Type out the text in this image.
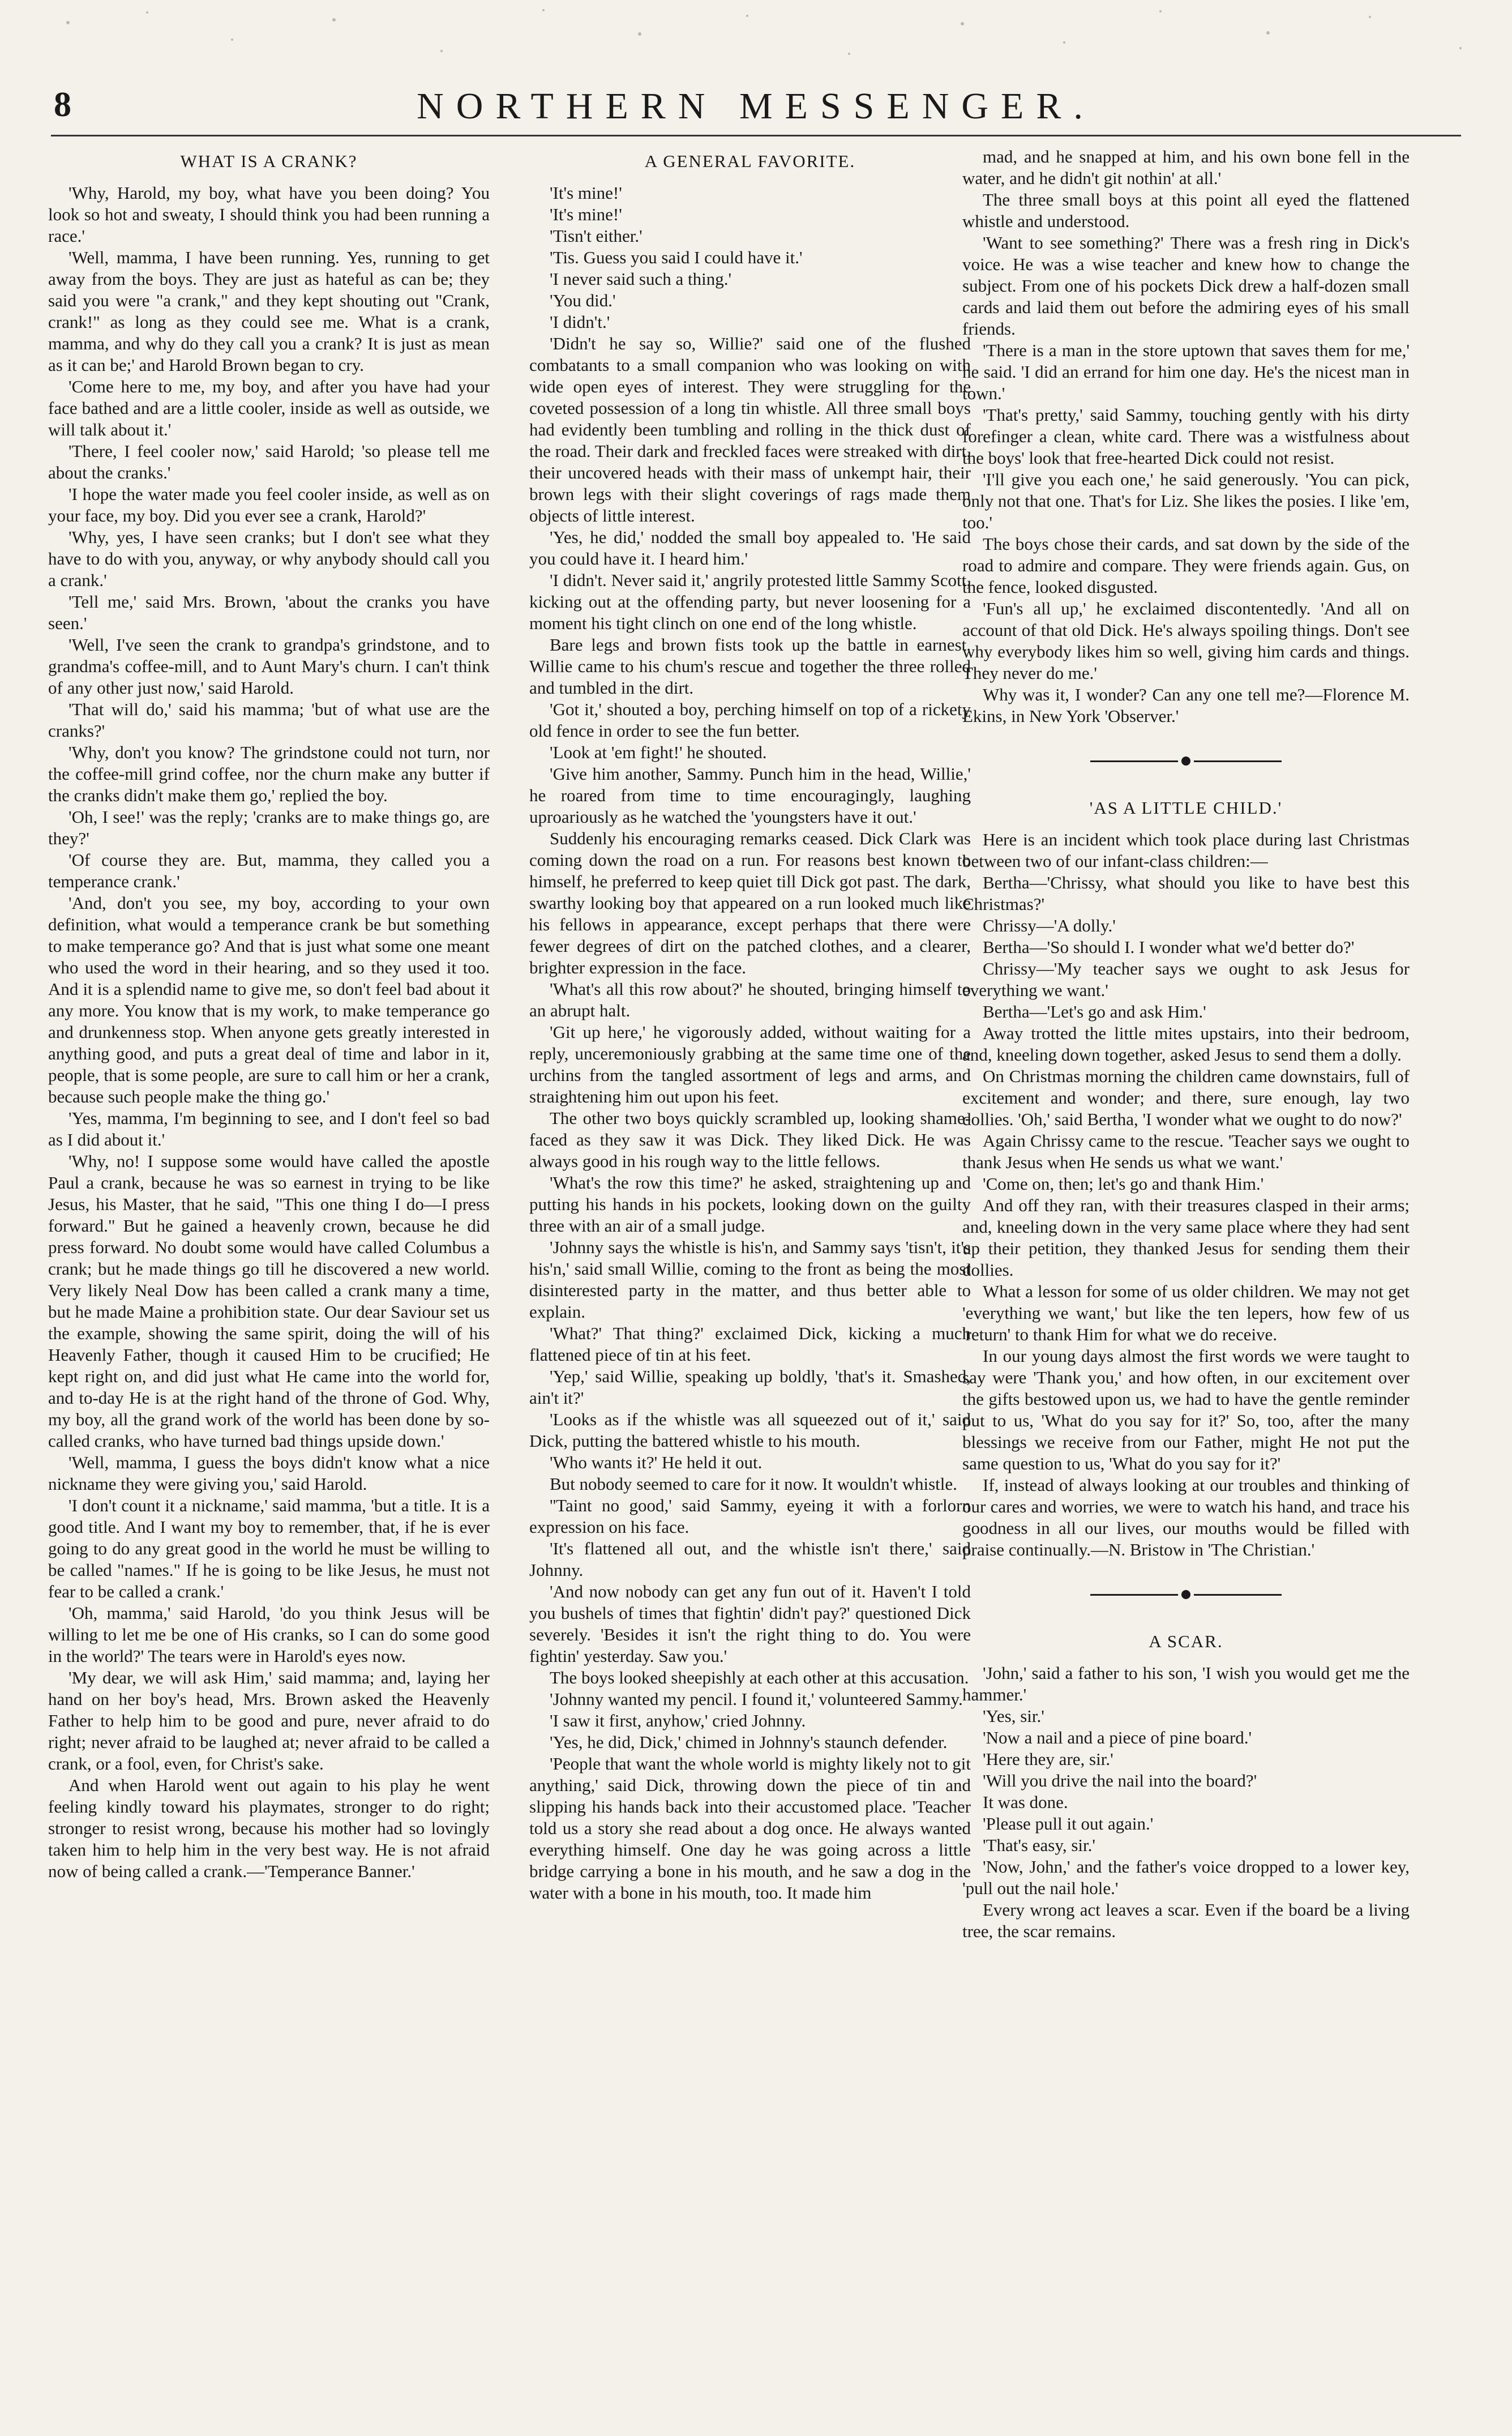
8	NORTHERN MESSENGER.
WHAT IS A CRANK?

'Why, Harold, my boy, what have you been doing? You look so hot and sweaty, I should think you had been running a race.'

'Well, mamma, I have been running. Yes, running to get away from the boys. They are just as hateful as can be; they said you were "a crank," and they kept shouting out "Crank, crank!" as long as they could see me. What is a crank, mamma, and why do they call you a crank? It is just as mean as it can be;' and Harold Brown began to cry.

'Come here to me, my boy, and after you have had your face bathed and are a little cooler, inside as well as outside, we will talk about it.'

'There, I feel cooler now,' said Harold; 'so please tell me about the cranks.'

'I hope the water made you feel cooler inside, as well as on your face, my boy. Did you ever see a crank, Harold?'

'Why, yes, I have seen cranks; but I don't see what they have to do with you, anyway, or why anybody should call you a crank.'

'Tell me,' said Mrs. Brown, 'about the cranks you have seen.'

'Well, I've seen the crank to grandpa's grindstone, and to grandma's coffee-mill, and to Aunt Mary's churn. I can't think of any other just now,' said Harold.

'That will do,' said his mamma; 'but of what use are the cranks?'

'Why, don't you know? The grindstone could not turn, nor the coffee-mill grind coffee, nor the churn make any butter if the cranks didn't make them go,' replied the boy.

'Oh, I see!' was the reply; 'cranks are to make things go, are they?'

'Of course they are. But, mamma, they called you a temperance crank.'

'And, don't you see, my boy, according to your own definition, what would a temperance crank be but something to make temperance go? And that is just what some one meant who used the word in their hearing, and so they used it too. And it is a splendid name to give me, so don't feel bad about it any more. You know that is my work, to make temperance go and drunkenness stop. When anyone gets greatly interested in anything good, and puts a great deal of time and labor in it, people, that is some people, are sure to call him or her a crank, because such people make the thing go.'

'Yes, mamma, I'm beginning to see, and I don't feel so bad as I did about it.'

'Why, no! I suppose some would have called the apostle Paul a crank, because he was so earnest in trying to be like Jesus, his Master, that he said, "This one thing I do—I press forward." But he gained a heavenly crown, because he did press forward. No doubt some would have called Columbus a crank; but he made things go till he discovered a new world. Very likely Neal Dow has been called a crank many a time, but he made Maine a prohibition state. Our dear Saviour set us the example, showing the same spirit, doing the will of his Heavenly Father, though it caused Him to be crucified; He kept right on, and did just what He came into the world for, and to-day He is at the right hand of the throne of God. Why, my boy, all the grand work of the world has been done by so-called cranks, who have turned bad things upside down.'

'Well, mamma, I guess the boys didn't know what a nice nickname they were giving you,' said Harold.

'I don't count it a nickname,' said mamma, 'but a title. It is a good title. And I want my boy to remember, that, if he is ever going to do any great good in the world he must be willing to be called "names." If he is going to be like Jesus, he must not fear to be called a crank.'

'Oh, mamma,' said Harold, 'do you think Jesus will be willing to let me be one of His cranks, so I can do some good in the world?' The tears were in Harold's eyes now.

'My dear, we will ask Him,' said mamma; and, laying her hand on her boy's head, Mrs. Brown asked the Heavenly Father to help him to be good and pure, never afraid to do right; never afraid to be laughed at; never afraid to be called a crank, or a fool, even, for Christ's sake.

And when Harold went out again to his play he went feeling kindly toward his playmates, stronger to do right; stronger to resist wrong, because his mother had so lovingly taken him to help him in the very best way. He is not afraid now of being called a crank.—'Temperance Banner.'

A GENERAL FAVORITE.

'It's mine!'

'It's mine!'

'Tisn't either.'

'Tis. Guess you said I could have it.'

'I never said such a thing.'

'You did.'

'I didn't.'

'Didn't he say so, Willie?' said one of the flushed combatants to a small companion who was looking on with wide open eyes of interest. They were struggling for the coveted possession of a long tin whistle. All three small boys had evidently been tumbling and rolling in the thick dust of the road. Their dark and freckled faces were streaked with dirt, their uncovered heads with their mass of unkempt hair, their brown legs with their slight coverings of rags made them objects of little interest.

'Yes, he did,' nodded the small boy appealed to. 'He said you could have it. I heard him.'

'I didn't. Never said it,' angrily protested little Sammy Scott, kicking out at the offending party, but never loosening for a moment his tight clinch on one end of the long whistle.

Bare legs and brown fists took up the battle in earnest. Willie came to his chum's rescue and together the three rolled and tumbled in the dirt.

'Got it,' shouted a boy, perching himself on top of a rickety old fence in order to see the fun better.

'Look at 'em fight!' he shouted.

'Give him another, Sammy. Punch him in the head, Willie,' he roared from time to time encouragingly, laughing uproariously as he watched the 'youngsters have it out.'

Suddenly his encouraging remarks ceased. Dick Clark was coming down the road on a run. For reasons best known to himself, he preferred to keep quiet till Dick got past. The dark, swarthy looking boy that appeared on a run looked much like his fellows in appearance, except perhaps that there were fewer degrees of dirt on the patched clothes, and a clearer, brighter expression in the face.

'What's all this row about?' he shouted, bringing himself to an abrupt halt.

'Git up here,' he vigorously added, without waiting for a reply, unceremoniously grabbing at the same time one of the urchins from the tangled assortment of legs and arms, and straightening him out upon his feet.

The other two boys quickly scrambled up, looking shame-faced as they saw it was Dick. They liked Dick. He was always good in his rough way to the little fellows.

'What's the row this time?' he asked, straightening up and putting his hands in his pockets, looking down on the guilty three with an air of a small judge.

'Johnny says the whistle is his'n, and Sammy says 'tisn't, it's his'n,' said small Willie, coming to the front as being the most disinterested party in the matter, and thus better able to explain.

'What?' That thing?' exclaimed Dick, kicking a much flattened piece of tin at his feet.

'Yep,' said Willie, speaking up boldly, 'that's it. Smashed, ain't it?'

'Looks as if the whistle was all squeezed out of it,' said Dick, putting the battered whistle to his mouth.

'Who wants it?' He held it out.

But nobody seemed to care for it now. It wouldn't whistle.

''Taint no good,' said Sammy, eyeing it with a forlorn expression on his face.

'It's flattened all out, and the whistle isn't there,' said Johnny.

'And now nobody can get any fun out of it. Haven't I told you bushels of times that fightin' didn't pay?' questioned Dick severely. 'Besides it isn't the right thing to do. You were fightin' yesterday. Saw you.'

The boys looked sheepishly at each other at this accusation.

'Johnny wanted my pencil. I found it,' volunteered Sammy.

'I saw it first, anyhow,' cried Johnny.

'Yes, he did, Dick,' chimed in Johnny's staunch defender.

'People that want the whole world is mighty likely not to git anything,' said Dick, throwing down the piece of tin and slipping his hands back into their accustomed place. 'Teacher told us a story she read about a dog once. He always wanted everything himself. One day he was going across a little bridge carrying a bone in his mouth, and he saw a dog in the water with a bone in his mouth, too. It made him

mad, and he snapped at him, and his own bone fell in the water, and he didn't git nothin' at all.'

The three small boys at this point all eyed the flattened whistle and understood.

'Want to see something?' There was a fresh ring in Dick's voice. He was a wise teacher and knew how to change the subject. From one of his pockets Dick drew a half-dozen small cards and laid them out before the admiring eyes of his small friends.

'There is a man in the store uptown that saves them for me,' he said. 'I did an errand for him one day. He's the nicest man in town.'

'That's pretty,' said Sammy, touching gently with his dirty forefinger a clean, white card. There was a wistfulness about the boys' look that free-hearted Dick could not resist.

'I'll give you each one,' he said generously. 'You can pick, only not that one. That's for Liz. She likes the posies. I like 'em, too.'

The boys chose their cards, and sat down by the side of the road to admire and compare. They were friends again. Gus, on the fence, looked disgusted.

'Fun's all up,' he exclaimed discontentedly. 'And all on account of that old Dick. He's always spoiling things. Don't see why everybody likes him so well, giving him cards and things. They never do me.'

Why was it, I wonder? Can any one tell me?—Florence M. Ekins, in New York 'Observer.'

'AS A LITTLE CHILD.'

Here is an incident which took place during last Christmas between two of our infant-class children:—

Bertha—'Chrissy, what should you like to have best this Christmas?'

Chrissy—'A dolly.'

Bertha—'So should I. I wonder what we'd better do?'

Chrissy—'My teacher says we ought to ask Jesus for everything we want.'

Bertha—'Let's go and ask Him.'

Away trotted the little mites upstairs, into their bedroom, and, kneeling down together, asked Jesus to send them a dolly.

On Christmas morning the children came downstairs, full of excitement and wonder; and there, sure enough, lay two dollies. 'Oh,' said Bertha, 'I wonder what we ought to do now?'

Again Chrissy came to the rescue. 'Teacher says we ought to thank Jesus when He sends us what we want.'

'Come on, then; let's go and thank Him.'

And off they ran, with their treasures clasped in their arms; and, kneeling down in the very same place where they had sent up their petition, they thanked Jesus for sending them their dollies.

What a lesson for some of us older children. We may not get 'everything we want,' but like the ten lepers, how few of us 'return' to thank Him for what we do receive.

In our young days almost the first words we were taught to say were 'Thank you,' and how often, in our excitement over the gifts bestowed upon us, we had to have the gentle reminder put to us, 'What do you say for it?' So, too, after the many blessings we receive from our Father, might He not put the same question to us, 'What do you say for it?'

If, instead of always looking at our troubles and thinking of our cares and worries, we were to watch his hand, and trace his goodness in all our lives, our mouths would be filled with praise continually.—N. Bristow in 'The Christian.'

A SCAR.

'John,' said a father to his son, 'I wish you would get me the hammer.'

'Yes, sir.'

'Now a nail and a piece of pine board.'

'Here they are, sir.'

'Will you drive the nail into the board?'

It was done.

'Please pull it out again.'

'That's easy, sir.'

'Now, John,' and the father's voice dropped to a lower key, 'pull out the nail hole.'

Every wrong act leaves a scar. Even if the board be a living tree, the scar remains.
